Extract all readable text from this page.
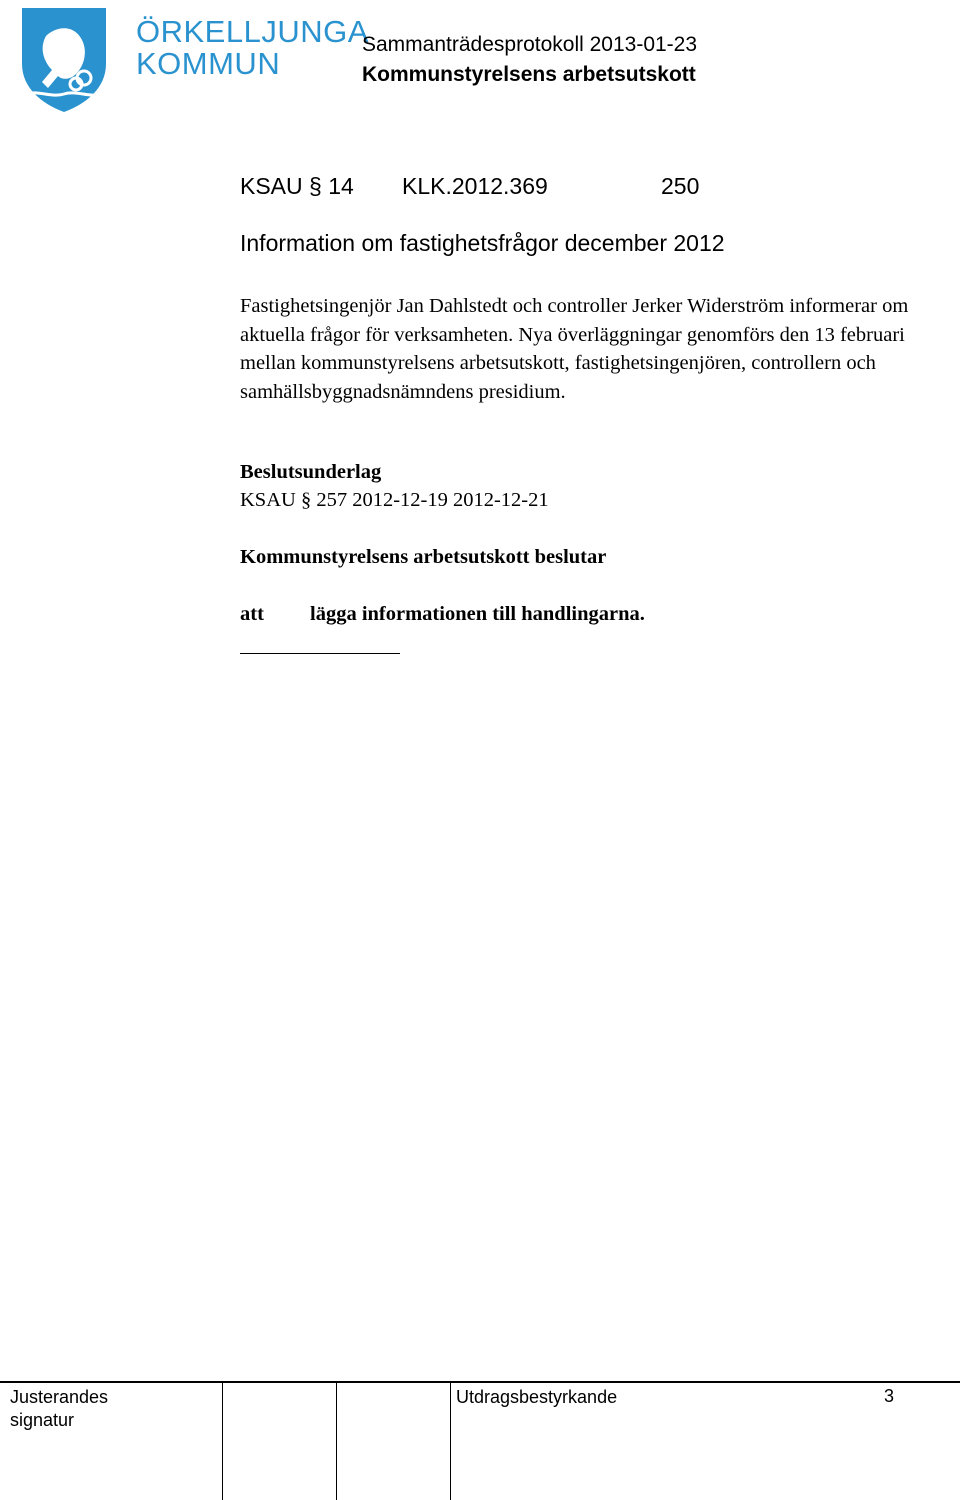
ÖRKELLJUNGA
KOMMUN
Sammanträdesprotokoll 2013-01-23
Kommunstyrelsens arbetsutskott
KSAU § 14 KLK.2012.369	250
Information om fastighetsfrågor december 2012
Fastighetsingenjör Jan Dahlstedt och controller Jerker Widerström informerar om aktuella frågor för verksamheten. Nya överläggningar genomförs den 13 februari mellan kommunstyrelsens arbetsutskott, fastighetsingenjören, controllern och samhällsbyggnadsnämndens presidium.
Beslutsunderlag
KSAU § 257 2012-12-19 2012-12-21
Kommunstyrelsens arbetsutskott beslutar
att lägga informationen till handlingarna.
Justerandes
signatur
Utdragsbestyrkande	3
